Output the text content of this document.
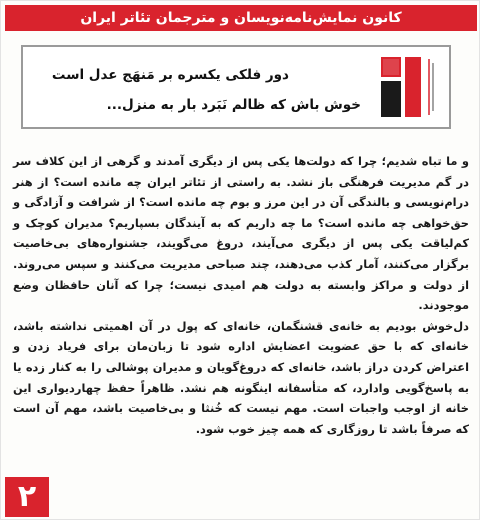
کانون نمایش‌نامه‌نویسان و مترجمان تئاتر ایران
دور فلکی یکسره بر مَنهَج عدل است
خوش باش که ظالم نَبَرد بار به منزل...

و ما تباه شدیم؛ چرا که دولت‌ها یکی پس از دیگری آمدند و گرهی از این کلاف سر در گم مدیریت فرهنگی باز نشد. به راستی از تئاتر ایران چه مانده است؟ از هنر درام‌نویسی و بالندگی آن در این مرز و بوم چه مانده است؟ از شرافت و آزادگی و حق‌خواهی چه مانده است؟ ما چه داریم که به آیندگان بسپاریم؟ مدیران کوچک و کم‌لیاقت یکی پس از دیگری می‌آیند، دروغ می‌گویند، جشنواره‌های بی‌خاصیت برگزار می‌کنند، آمار کذب می‌دهند، چند صباحی مدیریت می‌کنند و سپس می‌روند. از دولت و مراکز وابسته به دولت هم امیدی نیست؛ چرا که آنان حافظان وضع موجودند.

دل‌خوش بودیم به خانه‌ی قشنگمان، خانه‌ای که پول در آن اهمیتی نداشته باشد، خانه‌ای که با حق عضویت اعضایش اداره شود تا زبان‌مان برای فریاد زدن و اعتراض کردن دراز باشد، خانه‌ای که دروغ‌گویان و مدیران پوشالی را به کنار زده یا به پاسخ‌گویی وادارد، که متأسفانه اینگونه هم نشد. ظاهراً حفظ چهاردیواری این خانه از اوجب واجبات است. مهم نیست که خُنثا و بی‌خاصیت باشد، مهم آن است که صرفاً باشد تا روزگاری که همه چیز خوب شود.

۲
